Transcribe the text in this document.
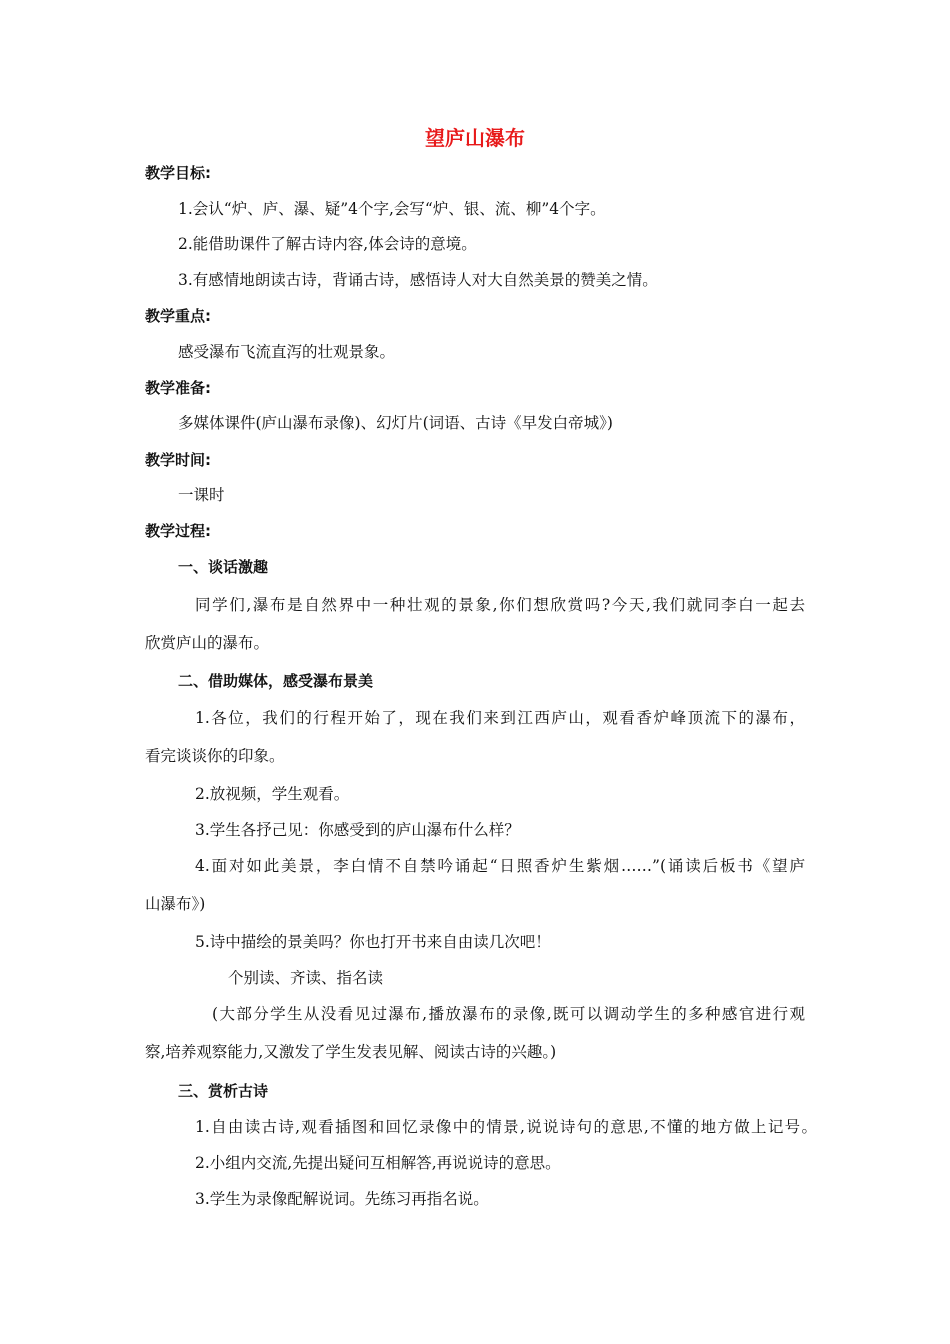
望庐山瀑布
教学目标:
1.会认“炉、庐、瀑、疑”4个字,会写“炉、银、流、柳”4个字。
2.能借助课件了解古诗内容,体会诗的意境。
3.有感情地朗读古诗，背诵古诗，感悟诗人对大自然美景的赞美之情。
教学重点:
感受瀑布飞流直泻的壮观景象。
教学准备:
多媒体课件(庐山瀑布录像)、幻灯片(词语、古诗《早发白帝城》)
教学时间:
一课时
教学过程:
一、谈话激趣
同学们,瀑布是自然界中一种壮观的景象,你们想欣赏吗?今天,我们就同李白一起去
欣赏庐山的瀑布。
二、借助媒体，感受瀑布景美
1.各位，我们的行程开始了，现在我们来到江西庐山，观看香炉峰顶流下的瀑布，
看完谈谈你的印象。
2.放视频，学生观看。
3.学生各抒己见：你感受到的庐山瀑布什么样？
4.面对如此美景，李白情不自禁吟诵起“日照香炉生紫烟……”(诵读后板书《望庐
山瀑布》)
5.诗中描绘的景美吗？你也打开书来自由读几次吧！
个别读、齐读、指名读
(大部分学生从没看见过瀑布,播放瀑布的录像,既可以调动学生的多种感官进行观
察,培养观察能力,又激发了学生发表见解、阅读古诗的兴趣。)
三、赏析古诗
1.自由读古诗,观看插图和回忆录像中的情景,说说诗句的意思,不懂的地方做上记号。
2.小组内交流,先提出疑问互相解答,再说说诗的意思。
3.学生为录像配解说词。先练习再指名说。
